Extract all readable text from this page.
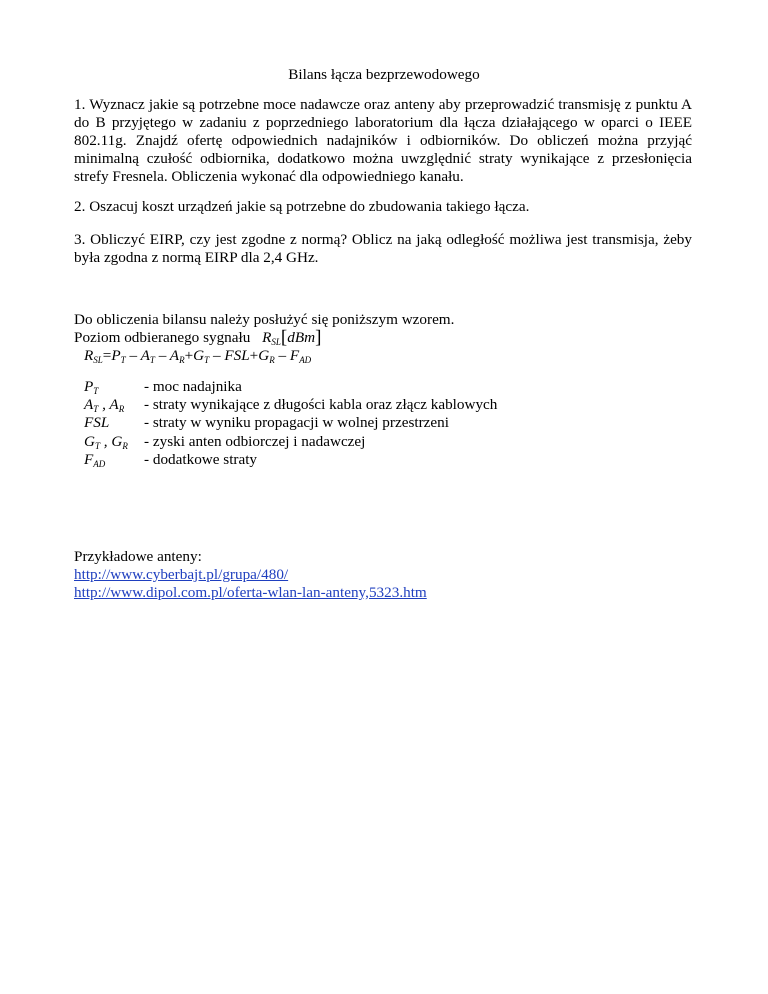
Bilans łącza bezprzewodowego
1. Wyznacz jakie są potrzebne moce nadawcze oraz anteny aby przeprowadzić transmisję z punktu A do B przyjętego w zadaniu z poprzedniego laboratorium dla łącza działającego w oparci o IEEE 802.11g. Znajdź ofertę odpowiednich nadajników i odbiorników. Do obliczeń można przyjąć minimalną czułość odbiornika, dodatkowo można uwzględnić straty wynikające z przesłonięcia strefy Fresnela. Obliczenia wykonać dla odpowiedniego kanału.
2. Oszacuj koszt urządzeń jakie są potrzebne do zbudowania takiego łącza.
3. Obliczyć EIRP, czy jest zgodne z normą? Oblicz na jaką odległość możliwa jest transmisja, żeby była zgodna z normą EIRP dla 2,4 GHz.
Do obliczenia bilansu należy posłużyć się poniższym wzorem.
Poziom odbieranego sygnału $R_{SL}[dBm]$
$R_{SL}=P_T - A_T - A_R+G_T - FSL+G_R - F_{AD}$
$P_T$	- moc nadajnika
$A_T$ , $A_R$ - straty wynikające z długości kabla oraz złącz kablowych
FSL - straty w wyniku propagacji w wolnej przestrzeni
$G_T$ , $G_R$ - zyski anten odbiorczej i nadawczej
$F_{AD}$	- dodatkowe straty
Przykładowe anteny:
http://www.cyberbajt.pl/grupa/480/
http://www.dipol.com.pl/oferta-wlan-lan-anteny,5323.htm
